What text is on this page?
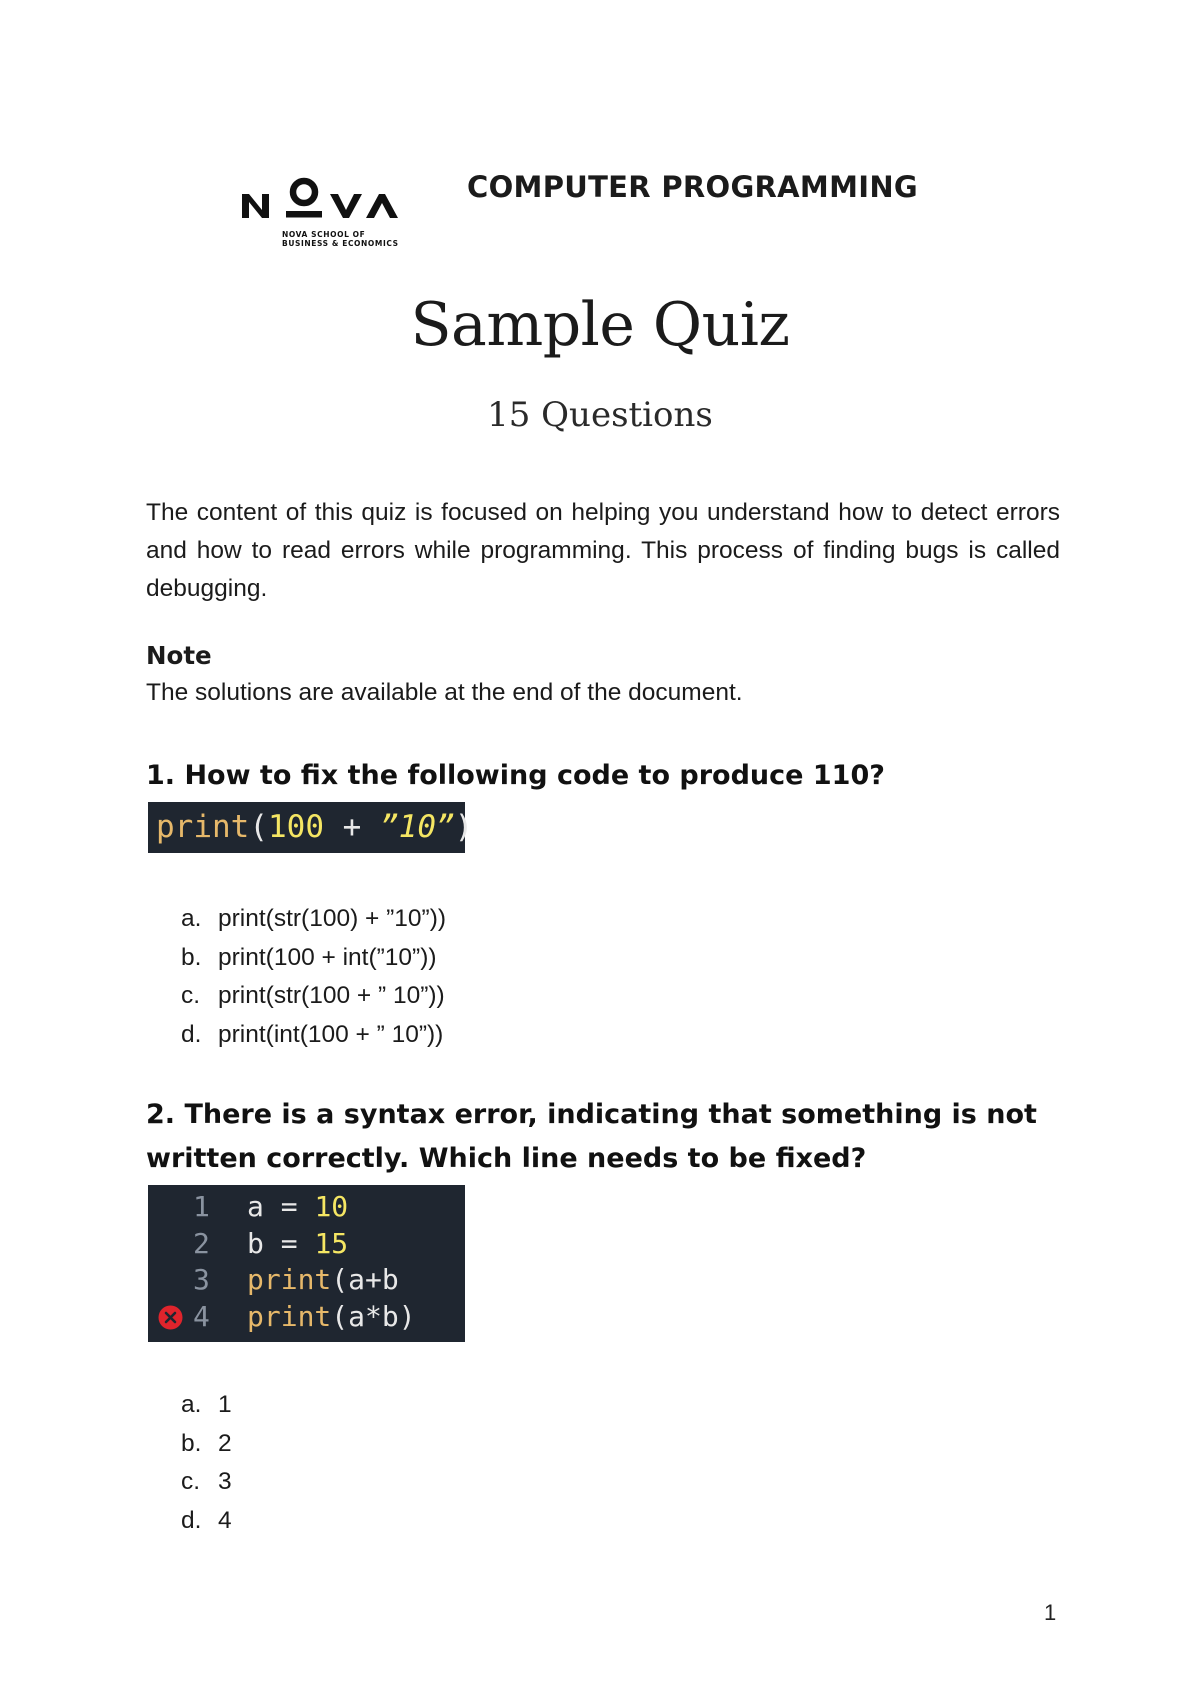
NOVA SCHOOL OF
BUSINESS & ECONOMICS
COMPUTER PROGRAMMING
Sample Quiz
15 Questions
The content of this quiz is focused on helping you understand how to detect errors and how to read errors while programming. This process of finding bugs is called debugging.
Note
The solutions are available at the end of the document.
1. How to fix the following code to produce 110?
print(100 + ”10”)
a. print(str(100) + ”10”))
b. print(100 + int(”10”))
c. print(str(100 + ” 10”))
d. print(int(100 + ” 10”))
2. There is a syntax error, indicating that something is not written correctly. Which line needs to be fixed?
1 a = 10
2 b = 15
3 print(a+b
4 print(a*b)
a. 1
b. 2
c. 3
d. 4
1
